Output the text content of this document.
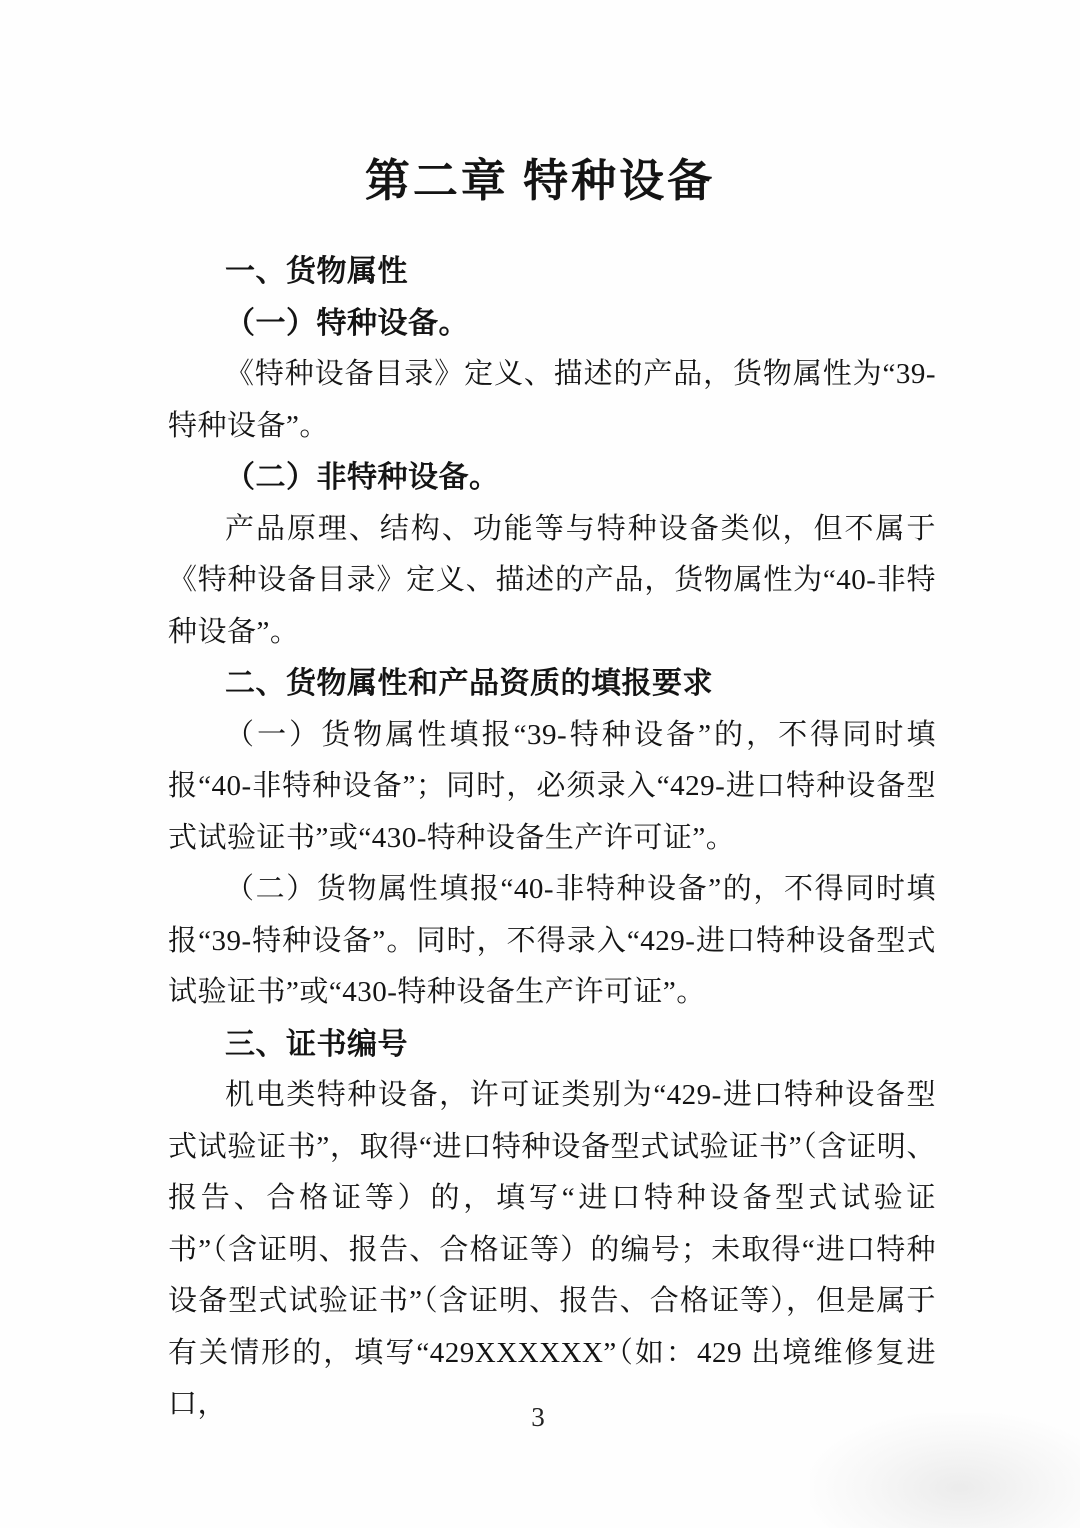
第二章 特种设备

一、货物属性

（一）特种设备。

《特种设备目录》定义、描述的产品，货物属性为“39-特种设备”。

（二）非特种设备。

产品原理、结构、功能等与特种设备类似，但不属于《特种设备目录》定义、描述的产品，货物属性为“40-非特种设备”。

二、货物属性和产品资质的填报要求

（一）货物属性填报“39-特种设备”的，不得同时填报“40-非特种设备”；同时，必须录入“429-进口特种设备型式试验证书”或“430-特种设备生产许可证”。

（二）货物属性填报“40-非特种设备”的，不得同时填报“39-特种设备”。同时，不得录入“429-进口特种设备型式试验证书”或“430-特种设备生产许可证”。

三、证书编号

机电类特种设备，许可证类别为“429-进口特种设备型式试验证书”，取得“进口特种设备型式试验证书”（含证明、报告、合格证等）的，填写“进口特种设备型式试验证书”（含证明、报告、合格证等）的编号；未取得“进口特种设备型式试验证书”（含证明、报告、合格证等），但是属于有关情形的，填写“429XXXXXX”（如：429 出境维修复进口，	3
